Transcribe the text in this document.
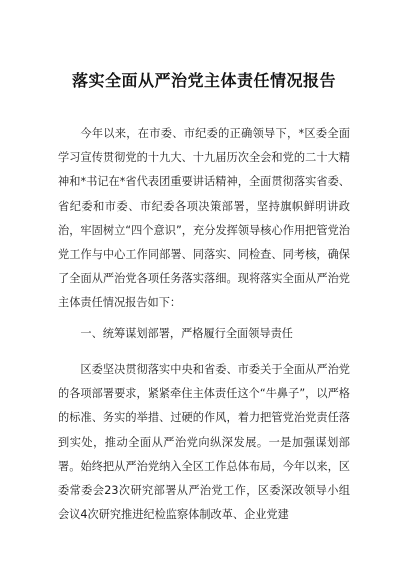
落实全面从严治党主体责任情况报告

今年以来，在市委、市纪委的正确领导下，*区委全面学习宣传贯彻党的十九大、十九届历次全会和党的二十大精神和*书记在*省代表团重要讲话精神，全面贯彻落实省委、省纪委和市委、市纪委各项决策部署，坚持旗帜鲜明讲政治，牢固树立“四个意识”，充分发挥领导核心作用把管党治党工作与中心工作同部署、同落实、同检查、同考核，确保了全面从严治党各项任务落实落细。现将落实全面从严治党主体责任情况报告如下：

一、统筹谋划部署，严格履行全面领导责任

区委坚决贯彻落实中央和省委、市委关于全面从严治党的各项部署要求，紧紧牵住主体责任这个“牛鼻子”，以严格的标准、务实的举措、过硬的作风，着力把管党治党责任落到实处，推动全面从严治党向纵深发展。一是加强谋划部署。始终把从严治党纳入全区工作总体布局，今年以来，区委常委会23次研究部署从严治党工作，区委深改领导小组会议4次研究推进纪检监察体制改革、企业党建
